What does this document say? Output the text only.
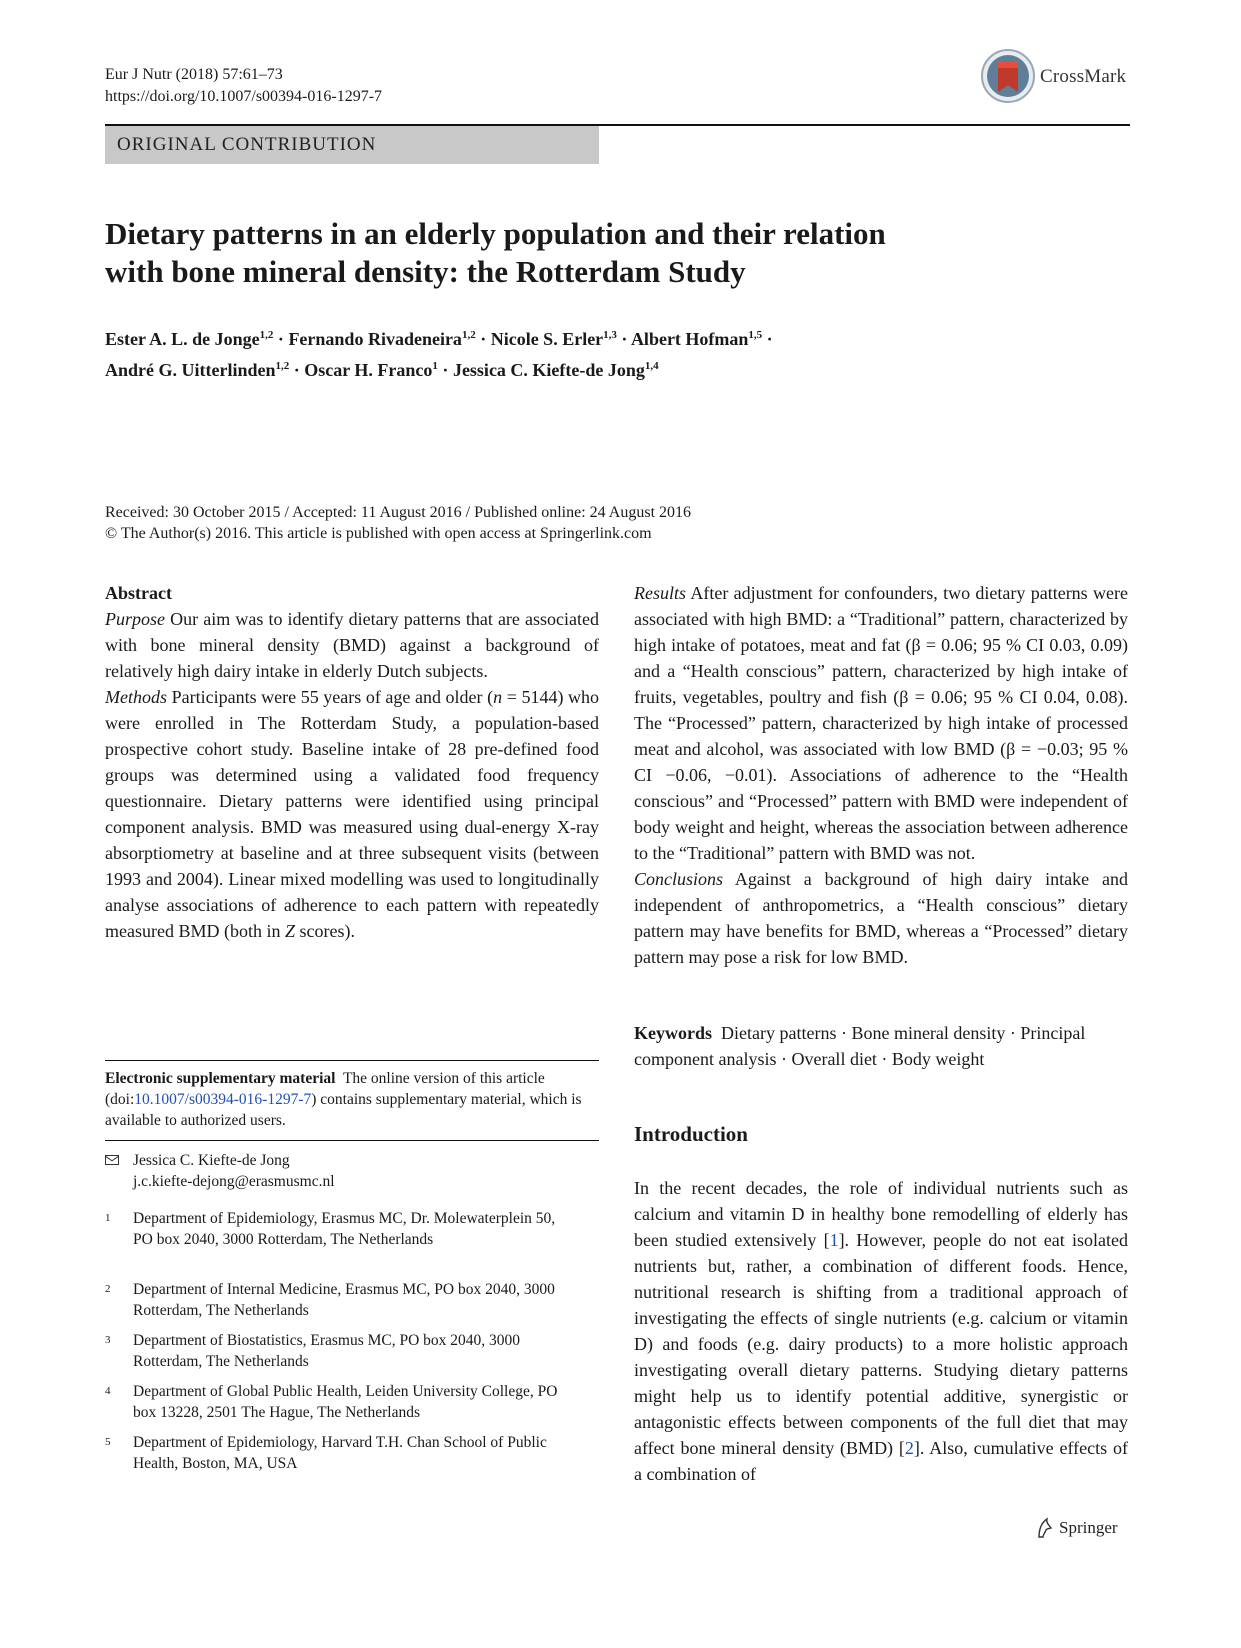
Eur J Nutr (2018) 57:61–73
https://doi.org/10.1007/s00394-016-1297-7
CrossMark
ORIGINAL CONTRIBUTION
Dietary patterns in an elderly population and their relation
with bone mineral density: the Rotterdam Study
Ester A. L. de Jonge$^{1,2}$ · Fernando Rivadeneira$^{1,2}$ · Nicole S. Erler$^{1,3}$ · Albert Hofman$^{1,5}$ ·
André G. Uitterlinden$^{1,2}$ · Oscar H. Franco$^1$ · Jessica C. Kiefte-de Jong$^{1,4}$
Received: 30 October 2015 / Accepted: 11 August 2016 / Published online: 24 August 2016
© The Author(s) 2016. This article is published with open access at Springerlink.com
Abstract
Purpose Our aim was to identify dietary patterns that are associated with bone mineral density (BMD) against a background of relatively high dairy intake in elderly Dutch subjects.
Methods Participants were 55 years of age and older (n = 5144) who were enrolled in The Rotterdam Study, a population-based prospective cohort study. Baseline intake of 28 pre-defined food groups was determined using a validated food frequency questionnaire. Dietary patterns were identified using principal component analysis. BMD was measured using dual-energy X-ray absorptiometry at baseline and at three subsequent visits (between 1993 and 2004). Linear mixed modelling was used to longitudinally analyse associations of adherence to each pattern with repeatedly measured BMD (both in Z scores).
Results After adjustment for confounders, two dietary patterns were associated with high BMD: a “Traditional” pattern, characterized by high intake of potatoes, meat and fat (β = 0.06; 95 % CI 0.03, 0.09) and a “Health conscious” pattern, characterized by high intake of fruits, vegetables, poultry and fish (β = 0.06; 95 % CI 0.04, 0.08). The “Processed” pattern, characterized by high intake of processed meat and alcohol, was associated with low BMD (β = −0.03; 95 % CI −0.06, −0.01). Associations of adherence to the “Health conscious” and “Processed” pattern with BMD were independent of body weight and height, whereas the association between adherence to the “Traditional” pattern with BMD was not.
Conclusions Against a background of high dairy intake and independent of anthropometrics, a “Health conscious” dietary pattern may have benefits for BMD, whereas a “Processed” dietary pattern may pose a risk for low BMD.
Keywords Dietary patterns · Bone mineral density · Principal component analysis · Overall diet · Body weight
Electronic supplementary material The online version of this article (doi:10.1007/s00394-016-1297-7) contains supplementary material, which is available to authorized users.
Jessica C. Kiefte-de Jong
j.c.kiefte-dejong@erasmusmc.nl
1 Department of Epidemiology, Erasmus MC, Dr. Molewaterplein 50, PO box 2040, 3000 Rotterdam, The Netherlands
2 Department of Internal Medicine, Erasmus MC, PO box 2040, 3000 Rotterdam, The Netherlands
3 Department of Biostatistics, Erasmus MC, PO box 2040, 3000 Rotterdam, The Netherlands
4 Department of Global Public Health, Leiden University College, PO box 13228, 2501 The Hague, The Netherlands
5 Department of Epidemiology, Harvard T.H. Chan School of Public Health, Boston, MA, USA
Introduction
In the recent decades, the role of individual nutrients such as calcium and vitamin D in healthy bone remodelling of elderly has been studied extensively [1]. However, people do not eat isolated nutrients but, rather, a combination of different foods. Hence, nutritional research is shifting from a traditional approach of investigating the effects of single nutrients (e.g. calcium or vitamin D) and foods (e.g. dairy products) to a more holistic approach investigating overall dietary patterns. Studying dietary patterns might help us to identify potential additive, synergistic or antagonistic effects between components of the full diet that may affect bone mineral density (BMD) [2]. Also, cumulative effects of a combination of
Springer
